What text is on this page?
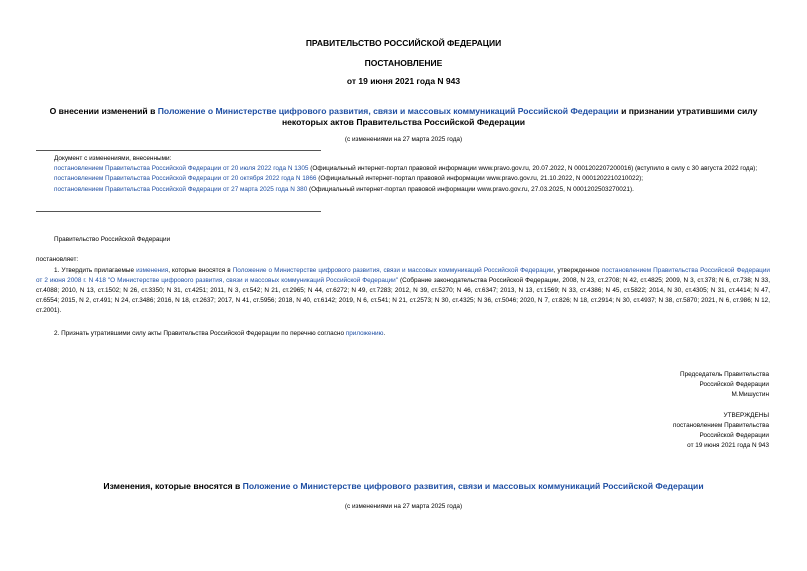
ПРАВИТЕЛЬСТВО РОССИЙСКОЙ ФЕДЕРАЦИИ
ПОСТАНОВЛЕНИЕ
от 19 июня 2021 года N 943
О внесении изменений в Положение о Министерстве цифрового развития, связи и массовых коммуникаций Российской Федерации и признании утратившими силу некоторых актов Правительства Российской Федерации
(с изменениями на 27 марта 2025 года)

Документ с изменениями, внесенными:

постановлением Правительства Российской Федерации от 20 июля 2022 года N 1305 (Официальный интернет-портал правовой информации www.pravo.gov.ru, 20.07.2022, N 0001202207200016) (вступило в силу с 30 августа 2022 года);

постановлением Правительства Российской Федерации от 20 октября 2022 года N 1866 (Официальный интернет-портал правовой информации www.pravo.gov.ru, 21.10.2022, N 0001202210210022);

постановлением Правительства Российской Федерации от 27 марта 2025 года N 380 (Официальный интернет-портал правовой информации www.pravo.gov.ru, 27.03.2025, N 0001202503270021).

Правительство Российской Федерации
постановляет:

1. Утвердить прилагаемые изменения, которые вносятся в Положение о Министерстве цифрового развития, связи и массовых коммуникаций Российской Федерации, утвержденное постановлением Правительства Российской Федерации от 2 июня 2008 г. N 418 "О Министерстве цифрового развития, связи и массовых коммуникаций Российской Федерации" (Собрание законодательства Российской Федерации, 2008, N 23, ст.2708; N 42, ст.4825; 2009, N 3, ст.378; N 6, ст.738; N 33, ст.4088; 2010, N 13, ст.1502; N 26, ст.3350; N 31, ст.4251; 2011, N 3, ст.542; N 21, ст.2965; N 44, ст.6272; N 49, ст.7283; 2012, N 39, ст.5270; N 46, ст.6347; 2013, N 13, ст.1569; N 33, ст.4386; N 45, ст.5822; 2014, N 30, ст.4305; N 31, ст.4414; N 47, ст.6554; 2015, N 2, ст.491; N 24, ст.3486; 2016, N 18, ст.2637; 2017, N 41, ст.5956; 2018, N 40, ст.6142; 2019, N 6, ст.541; N 21, ст.2573; N 30, ст.4325; N 36, ст.5046; 2020, N 7, ст.826; N 18, ст.2914; N 30, ст.4937; N 38, ст.5870; 2021, N 6, ст.986; N 12, ст.2001).

2. Признать утратившими силу акты Правительства Российской Федерации по перечню согласно приложению.
Председатель Правительства
Российской Федерации
М.Мишустин
УТВЕРЖДЕНЫ
постановлением Правительства
Российской Федерации
от 19 июня 2021 года N 943
Изменения, которые вносятся в Положение о Министерстве цифрового развития, связи и массовых коммуникаций Российской Федерации
(с изменениями на 27 марта 2025 года)
